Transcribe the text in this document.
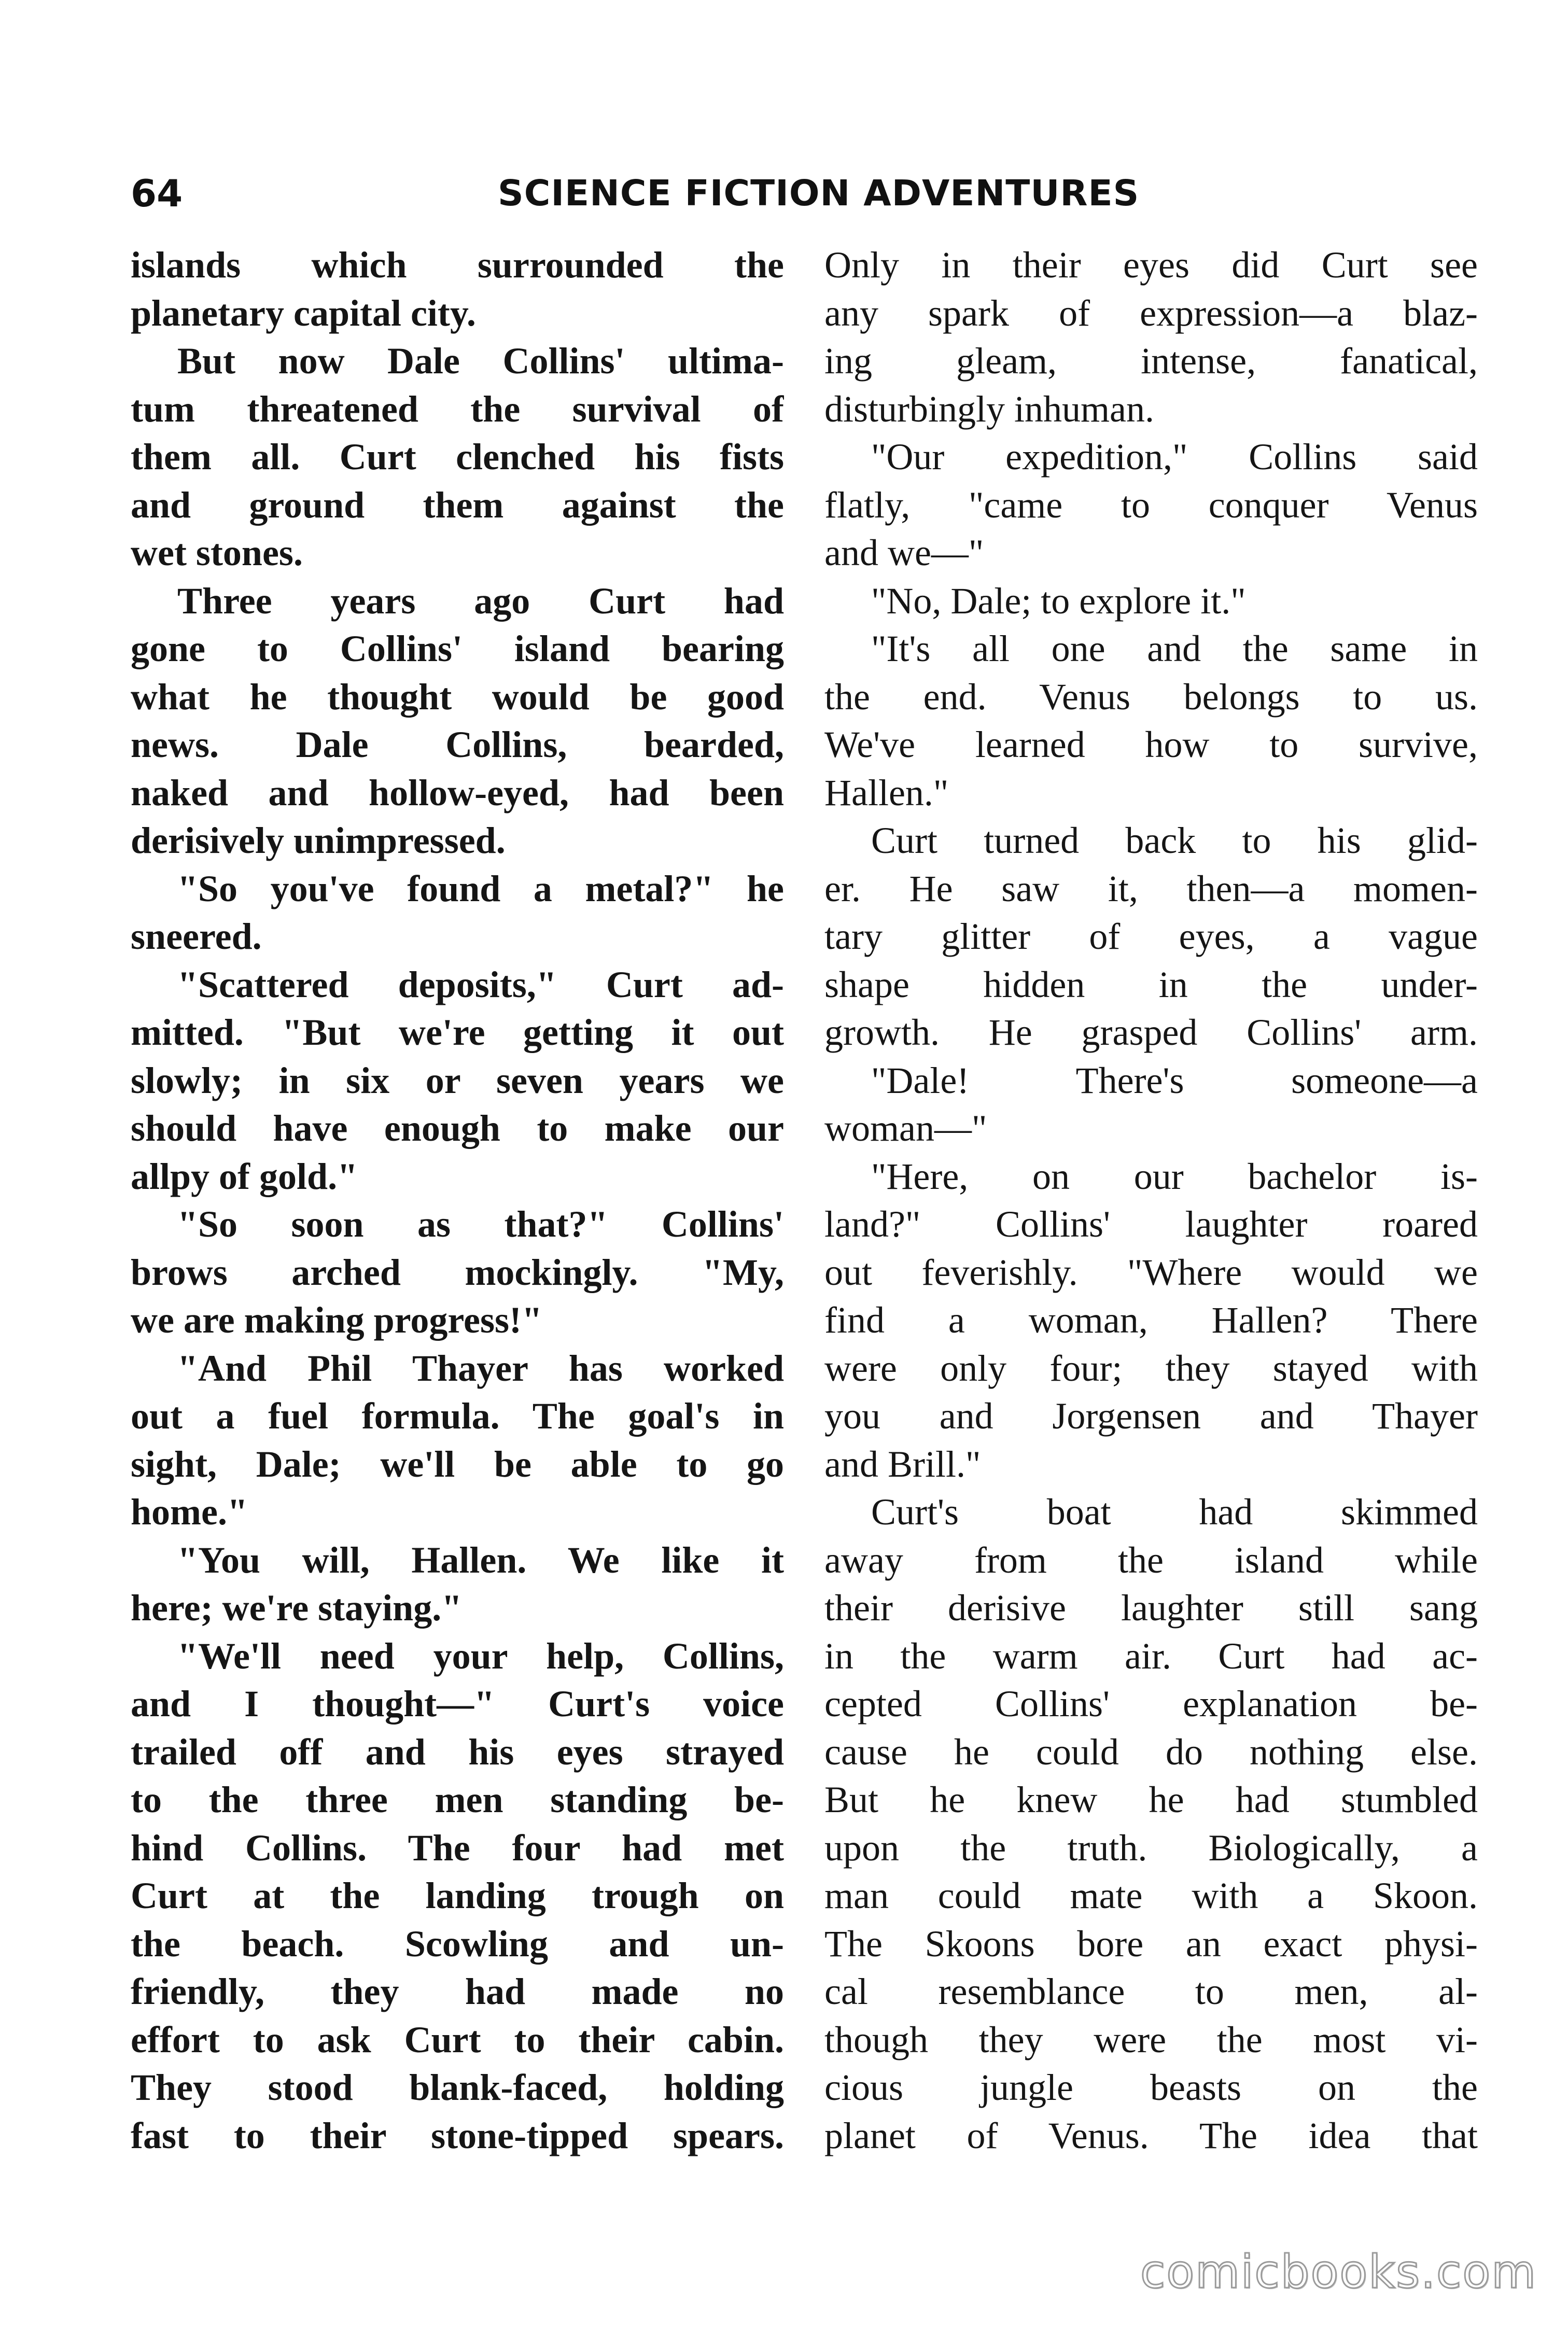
64	SCIENCE FICTION ADVENTURES
islands which surrounded the
planetary capital city.
But now Dale Collins' ultima-
tum threatened the survival of
them all. Curt clenched his fists
and ground them against the
wet stones.
Three years ago Curt had
gone to Collins' island bearing
what he thought would be good
news. Dale Collins, bearded,
naked and hollow-eyed, had been
derisively unimpressed.
"So you've found a metal?" he
sneered.
"Scattered deposits," Curt ad-
mitted. "But we're getting it out
slowly; in six or seven years we
should have enough to make our
allpy of gold."
"So soon as that?" Collins'
brows arched mockingly. "My,
we are making progress!"
"And Phil Thayer has worked
out a fuel formula. The goal's in
sight, Dale; we'll be able to go
home."
"You will, Hallen. We like it
here; we're staying."
"We'll need your help, Collins,
and I thought—" Curt's voice
trailed off and his eyes strayed
to the three men standing be-
hind Collins. The four had met
Curt at the landing trough on
the beach. Scowling and un-
friendly, they had made no
effort to ask Curt to their cabin.
They stood blank-faced, holding
fast to their stone-tipped spears.
Only in their eyes did Curt see
any spark of expression—a blaz-
ing gleam, intense, fanatical,
disturbingly inhuman.
"Our expedition," Collins said
flatly, "came to conquer Venus
and we—"
"No, Dale; to explore it."
"It's all one and the same in
the end. Venus belongs to us.
We've learned how to survive,
Hallen."
Curt turned back to his glid-
er. He saw it, then—a momen-
tary glitter of eyes, a vague
shape hidden in the under-
growth. He grasped Collins' arm.
"Dale! There's someone—a
woman—"
"Here, on our bachelor is-
land?" Collins' laughter roared
out feverishly. "Where would we
find a woman, Hallen? There
were only four; they stayed with
you and Jorgensen and Thayer
and Brill."
Curt's boat had skimmed
away from the island while
their derisive laughter still sang
in the warm air. Curt had ac-
cepted Collins' explanation be-
cause he could do nothing else.
But he knew he had stumbled
upon the truth. Biologically, a
man could mate with a Skoon.
The Skoons bore an exact physi-
cal resemblance to men, al-
though they were the most vi-
cious jungle beasts on the
planet of Venus. The idea that
comicbooks.com
